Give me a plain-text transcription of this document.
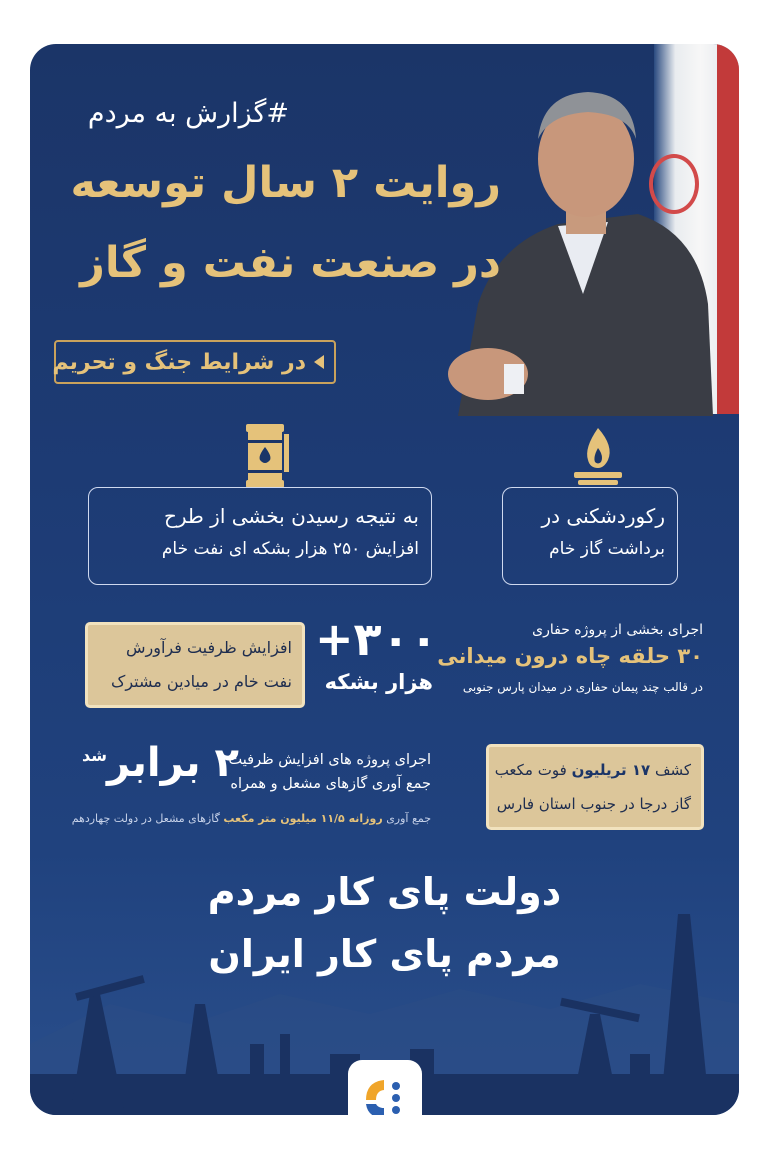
#گزارش به مردم
روایت ۲ سال توسعه
در صنعت نفت و گاز
در شرایط جنگ و تحریم
به نتیجه رسیدن بخشی از طرح
افزایش ۲۵۰ هزار بشکه ای نفت خام
رکوردشکنی در
برداشت گاز خام
افزایش ظرفیت فرآورش
نفت خام در میادین مشترک
+۳۰۰
هزار بشکه
اجرای بخشی از پروژه حفاری
۳۰ حلقه چاه درون میدانی
در قالب چند پیمان حفاری در میدان پارس جنوبی
اجرای پروژه های افزایش ظرفیت
جمع آوری گازهای مشعل و همراه
جمع آوری روزانه ۱۱/۵ میلیون متر مکعب گازهای مشعل در دولت چهاردهم
۲ برابر$^{شد}$
کشف ۱۷ تریلیون فوت مکعب
گاز درجا در جنوب استان فارس
دولت پای کار مردم
مردم پای کار ایران
